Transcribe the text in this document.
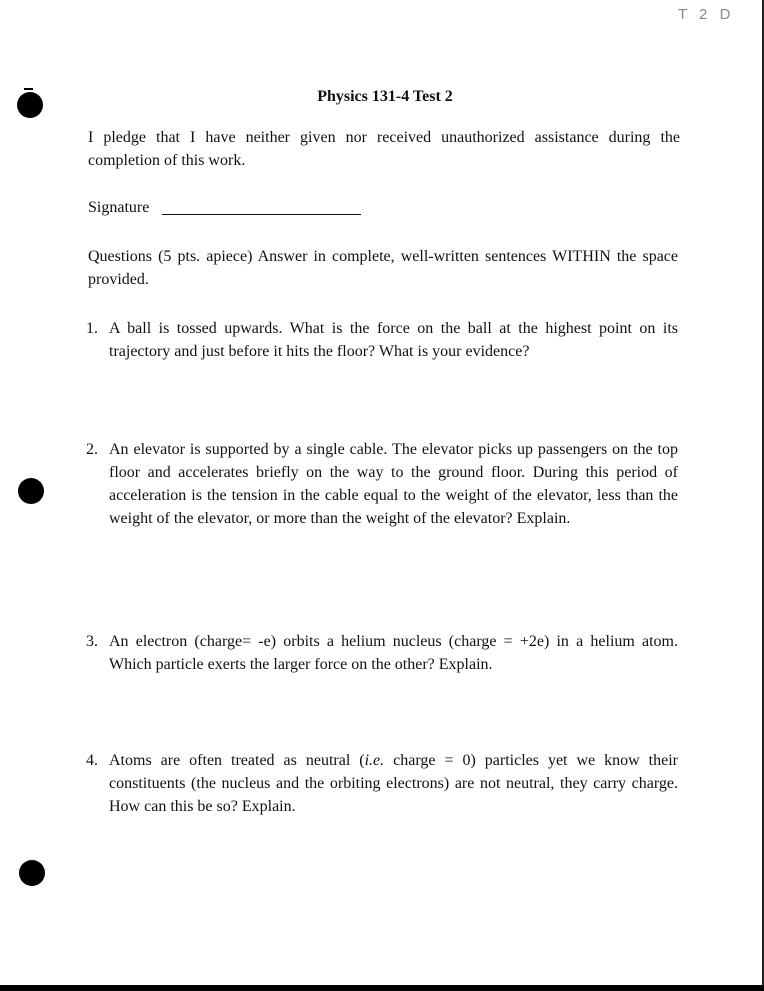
T 2 D
Physics 131-4 Test 2
I pledge that I have neither given nor received unauthorized assistance during the completion of this work.
Signature
Questions (5 pts. apiece) Answer in complete, well-written sentences WITHIN the space provided.
1. A ball is tossed upwards. What is the force on the ball at the highest point on its trajectory and just before it hits the floor? What is your evidence?
2. An elevator is supported by a single cable. The elevator picks up passengers on the top floor and accelerates briefly on the way to the ground floor. During this period of acceleration is the tension in the cable equal to the weight of the elevator, less than the weight of the elevator, or more than the weight of the elevator? Explain.
3. An electron (charge= -e) orbits a helium nucleus (charge = +2e) in a helium atom. Which particle exerts the larger force on the other? Explain.
4. Atoms are often treated as neutral (i.e. charge = 0) particles yet we know their constituents (the nucleus and the orbiting electrons) are not neutral, they carry charge. How can this be so? Explain.
